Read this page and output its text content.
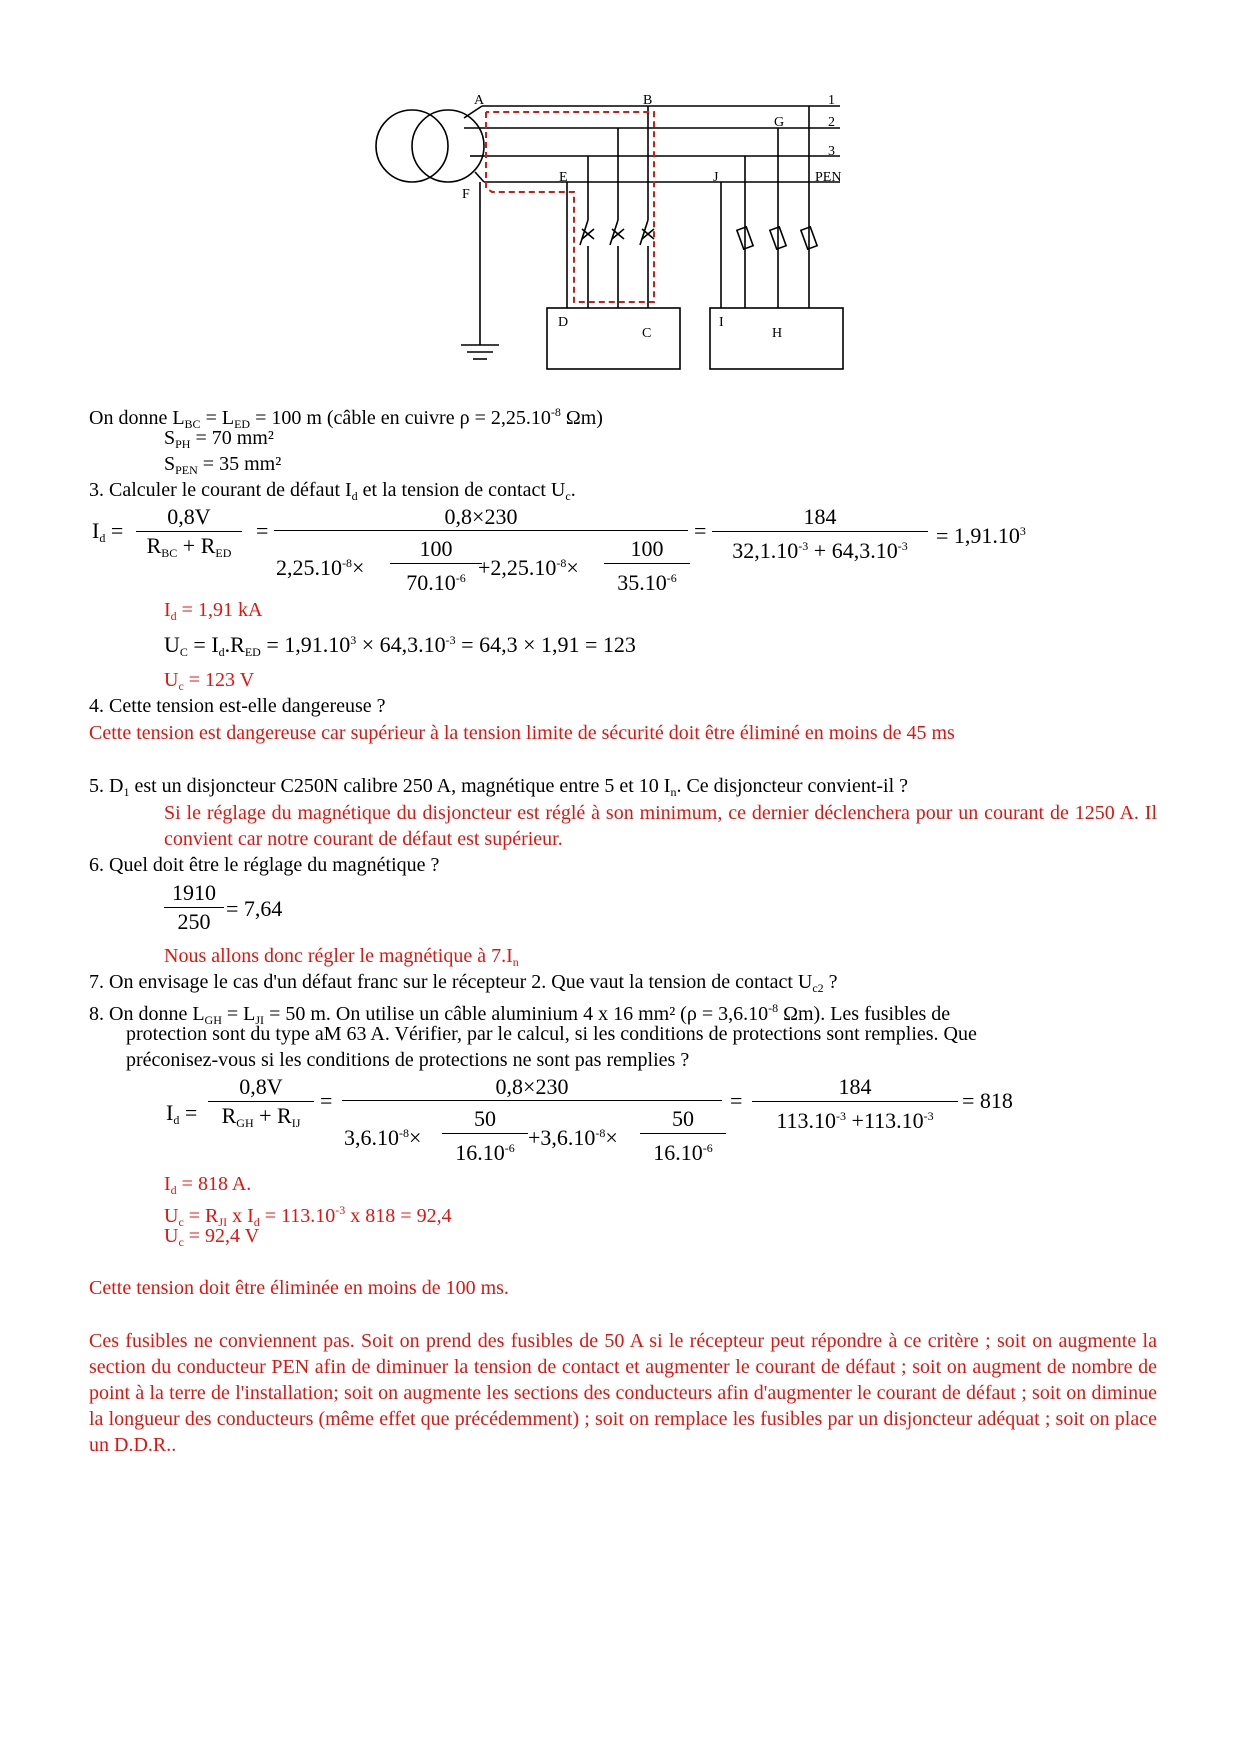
A	B	1
G	2
3
E	J	PEN
F
D
C
I
H
On donne $L_{BC} = L_{ED} = 100$ m (câble en cuivre $\rho = 2,25.10^{-8}$ Ωm)
$S_{PH} = 70$ mm²
$S_{PEN} = 35$ mm²
3. Calculer le courant de défaut $I_d$ et la tension de contact $U_c$.
Id =
0,8V
RBC + RED
=
0,8×230
$2,25.10^{-8}\times$
100
$70.10^{-6} +2,25.10^{-8}\times$
100
$35.10^{-6}$
=
184
$32,1.10^{-3} + 64,3.10^{-3} = 1,91.10^3$
$I_d = 1,91$ kA
UC = $Id.RED = 1,91.10^3 \times 64,3.10^{-3} = 64,3 \times 1,91 = 123$
$U_c = 123$ V
4. Cette tension est-elle dangereuse ?
Cette tension est dangereuse car supérieur à la tension limite de sécurité doit être éliminé en moins de 45 ms
5. $D_1$ est un disjoncteur C250N calibre 250 A, magnétique entre 5 et 10 $I_n$. Ce disjoncteur convient-il ?
Si le réglage du magnétique du disjoncteur est réglé à son minimum, ce dernier déclenchera pour un courant de 1250 A. Il convient car notre courant de défaut est supérieur.
6. Quel doit être le réglage du magnétique ?
1910
250
= 7,64
Nous allons donc régler le magnétique à $7.I_n$
7. On envisage le cas d'un défaut franc sur le récepteur 2. Que vaut la tension de contact $U_{c2}$ ?
8. On donne $L_{GH} = L_{JI} = 50$ m. On utilise un câble aluminium 4 x 16 mm² ($\rho = 3,6.10^{-8}$ Ωm). Les fusibles de
protection sont du type aM 63 A. Vérifier, par le calcul, si les conditions de protections sont remplies. Que
préconisez-vous si les conditions de protections ne sont pas remplies ?
Id =
0,8V
RGH + RIJ
=
0,8×230
$3,6.10^{-8}\times$
50
$16.10^{-6} +3,6.10^{-8}\times$
50
$16.10^{-6}$
=
184
$113.10^{-3} +113.10^{-3}$
= 818
$I_d = 818$ A.
$U_c = R_{JI}$ x $I_d = 113.10^{-3}$ x 818 = 92,4
$U_c = 92,4$ V
Cette tension doit être éliminée en moins de 100 ms.
Ces fusibles ne conviennent pas. Soit on prend des fusibles de 50 A si le récepteur peut répondre à ce critère ; soit on augmente la section du conducteur PEN afin de diminuer la tension de contact et augmenter le courant de défaut ; soit on augment de nombre de point à la terre de l'installation; soit on augmente les sections des conducteurs afin d'augmenter le courant de défaut ; soit on diminue la longueur des conducteurs (même effet que précédemment) ; soit on remplace les fusibles par un disjoncteur adéquat ; soit on place un D.D.R..
